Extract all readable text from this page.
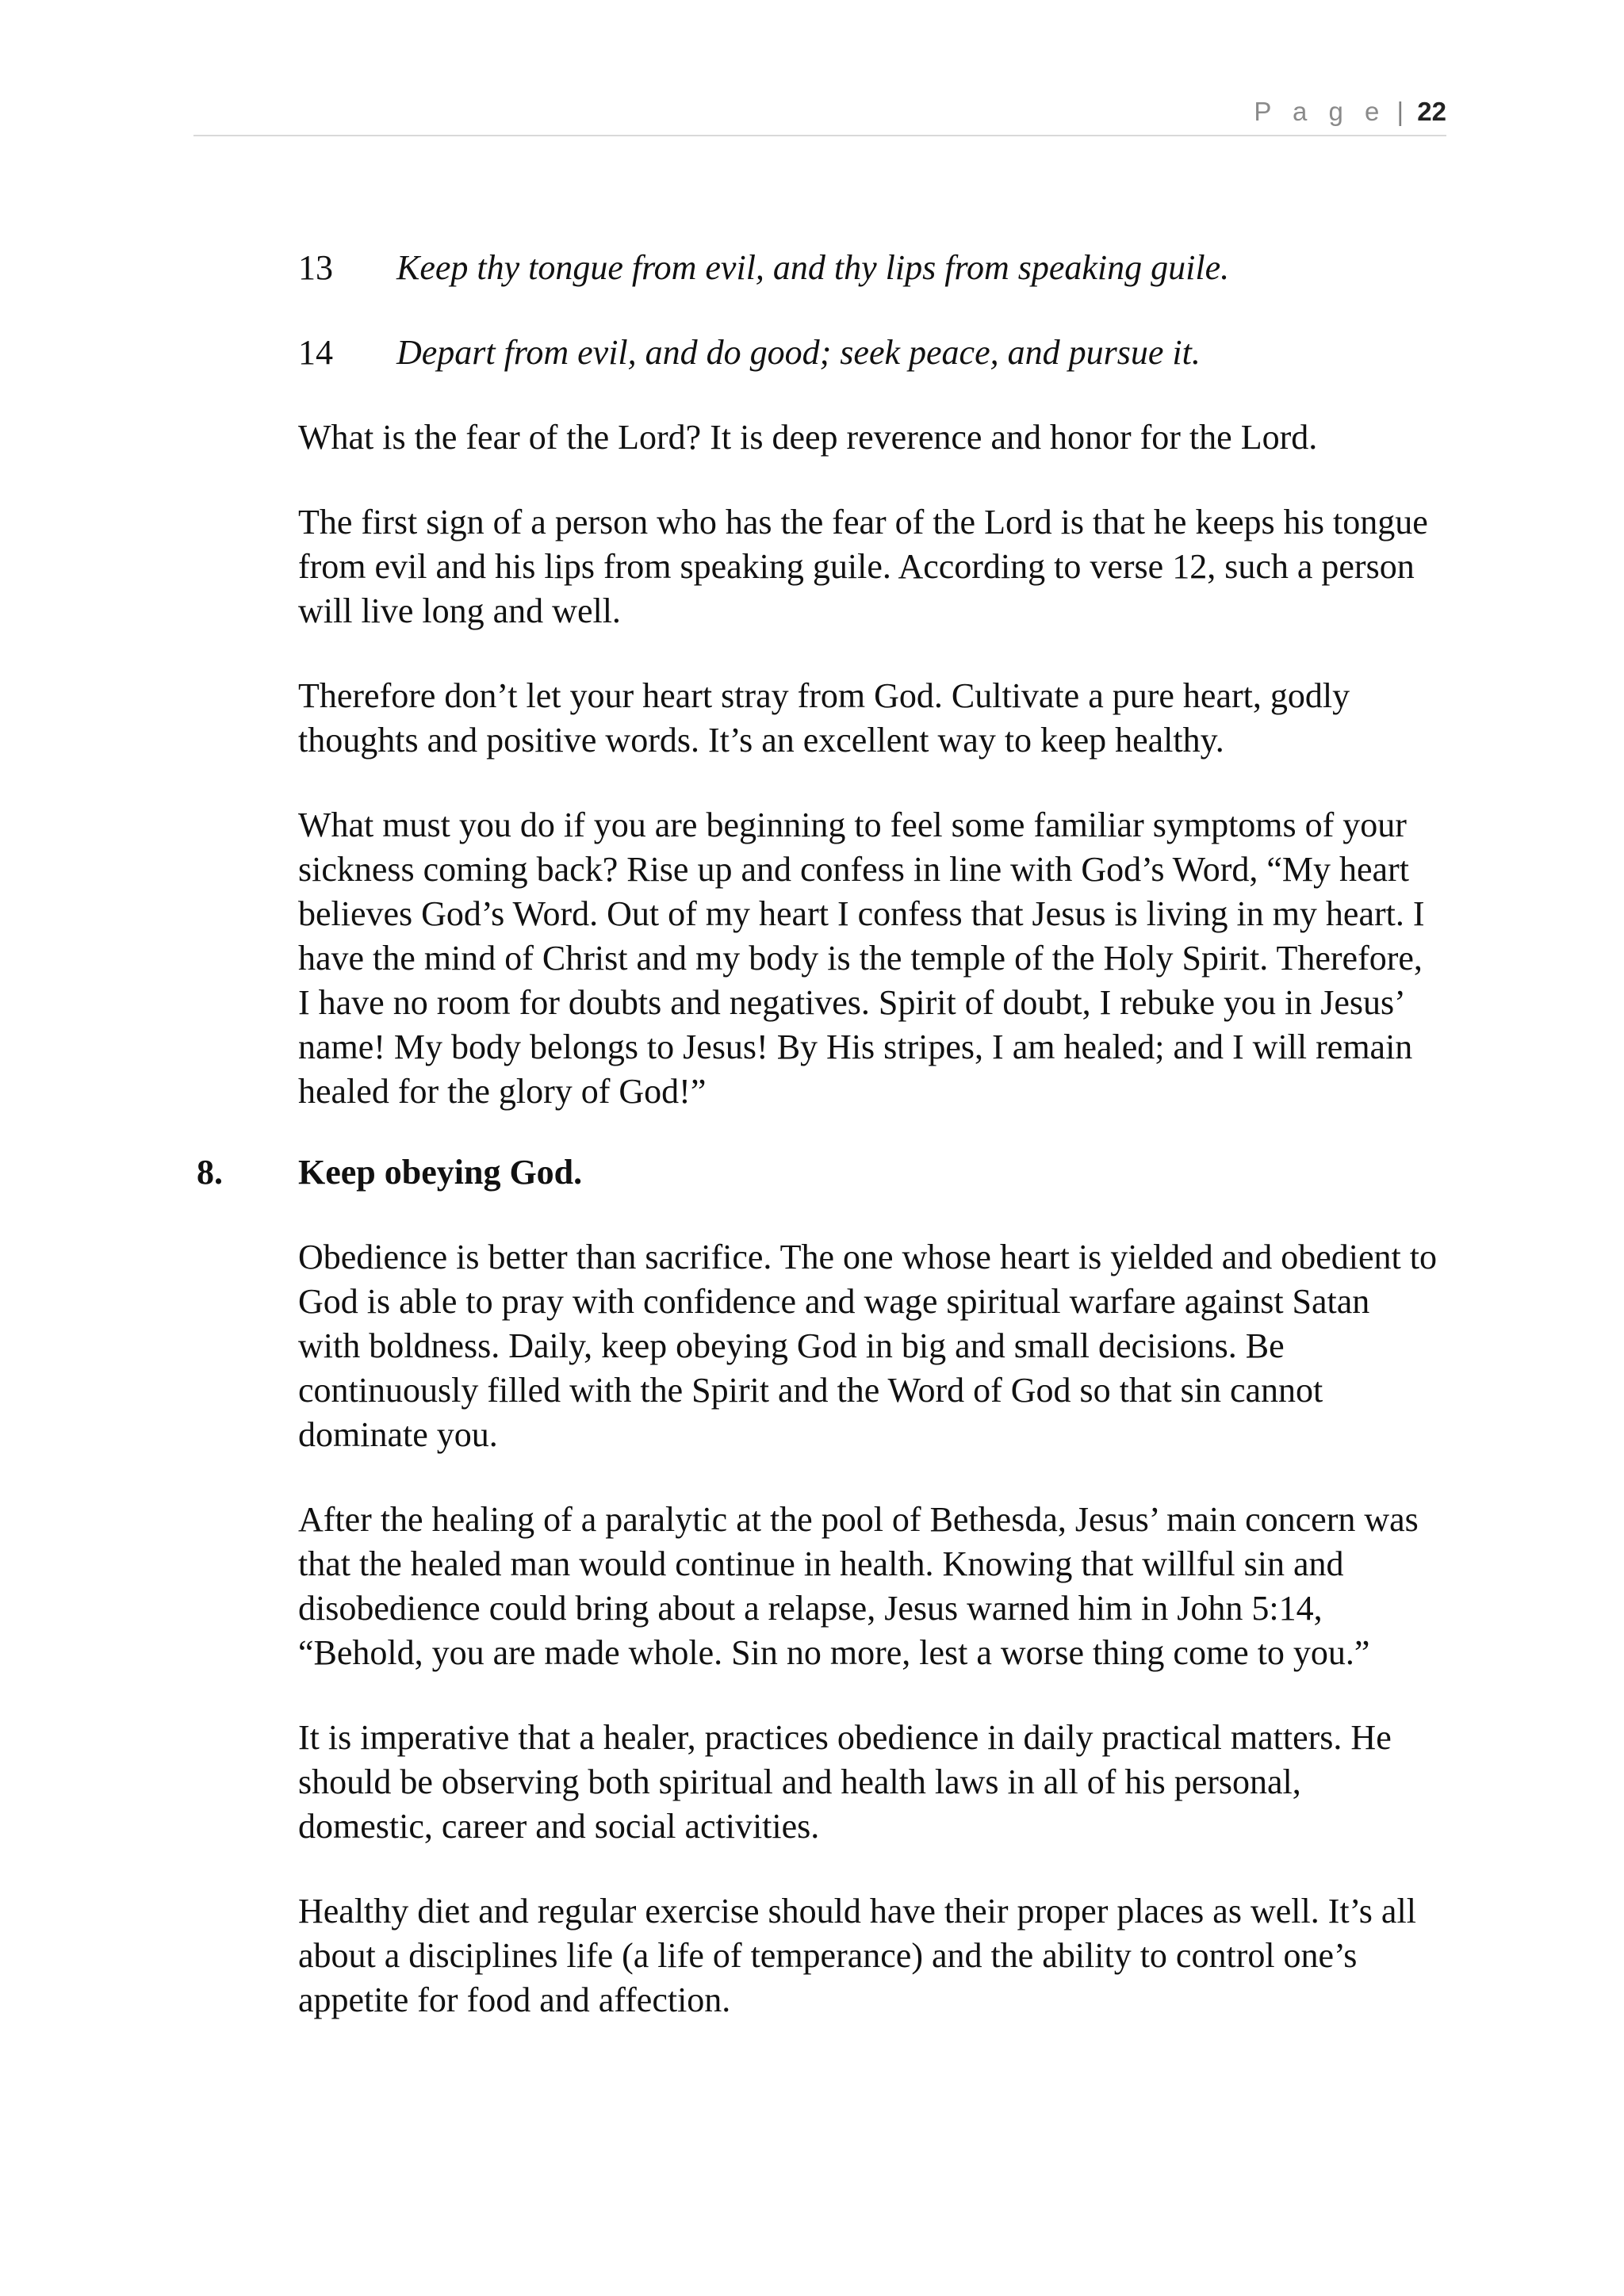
P a g e | 22
13	Keep thy tongue from evil, and thy lips from speaking guile.
14	Depart from evil, and do good; seek peace, and pursue it.

What is the fear of the Lord? It is deep reverence and honor for the Lord.

The first sign of a person who has the fear of the Lord is that he keeps his tongue from evil and his lips from speaking guile. According to verse 12, such a person will live long and well.

Therefore don’t let your heart stray from God. Cultivate a pure heart, godly thoughts and positive words. It’s an excellent way to keep healthy.

What must you do if you are beginning to feel some familiar symptoms of your sickness coming back? Rise up and confess in line with God’s Word, “My heart believes God’s Word. Out of my heart I confess that Jesus is living in my heart. I have the mind of Christ and my body is the temple of the Holy Spirit. Therefore, I have no room for doubts and negatives. Spirit of doubt, I rebuke you in Jesus’ name! My body belongs to Jesus! By His stripes, I am healed; and I will remain healed for the glory of God!”

8.	Keep obeying God.

Obedience is better than sacrifice. The one whose heart is yielded and obedient to God is able to pray with confidence and wage spiritual warfare against Satan with boldness. Daily, keep obeying God in big and small decisions. Be continuously filled with the Spirit and the Word of God so that sin cannot dominate you.

After the healing of a paralytic at the pool of Bethesda, Jesus’ main concern was that the healed man would continue in health. Knowing that willful sin and disobedience could bring about a relapse, Jesus warned him in John 5:14, “Behold, you are made whole. Sin no more, lest a worse thing come to you.”

It is imperative that a healer, practices obedience in daily practical matters. He should be observing both spiritual and health laws in all of his personal, domestic, career and social activities.

Healthy diet and regular exercise should have their proper places as well. It’s all about a disciplines life (a life of temperance) and the ability to control one’s appetite for food and affection.
